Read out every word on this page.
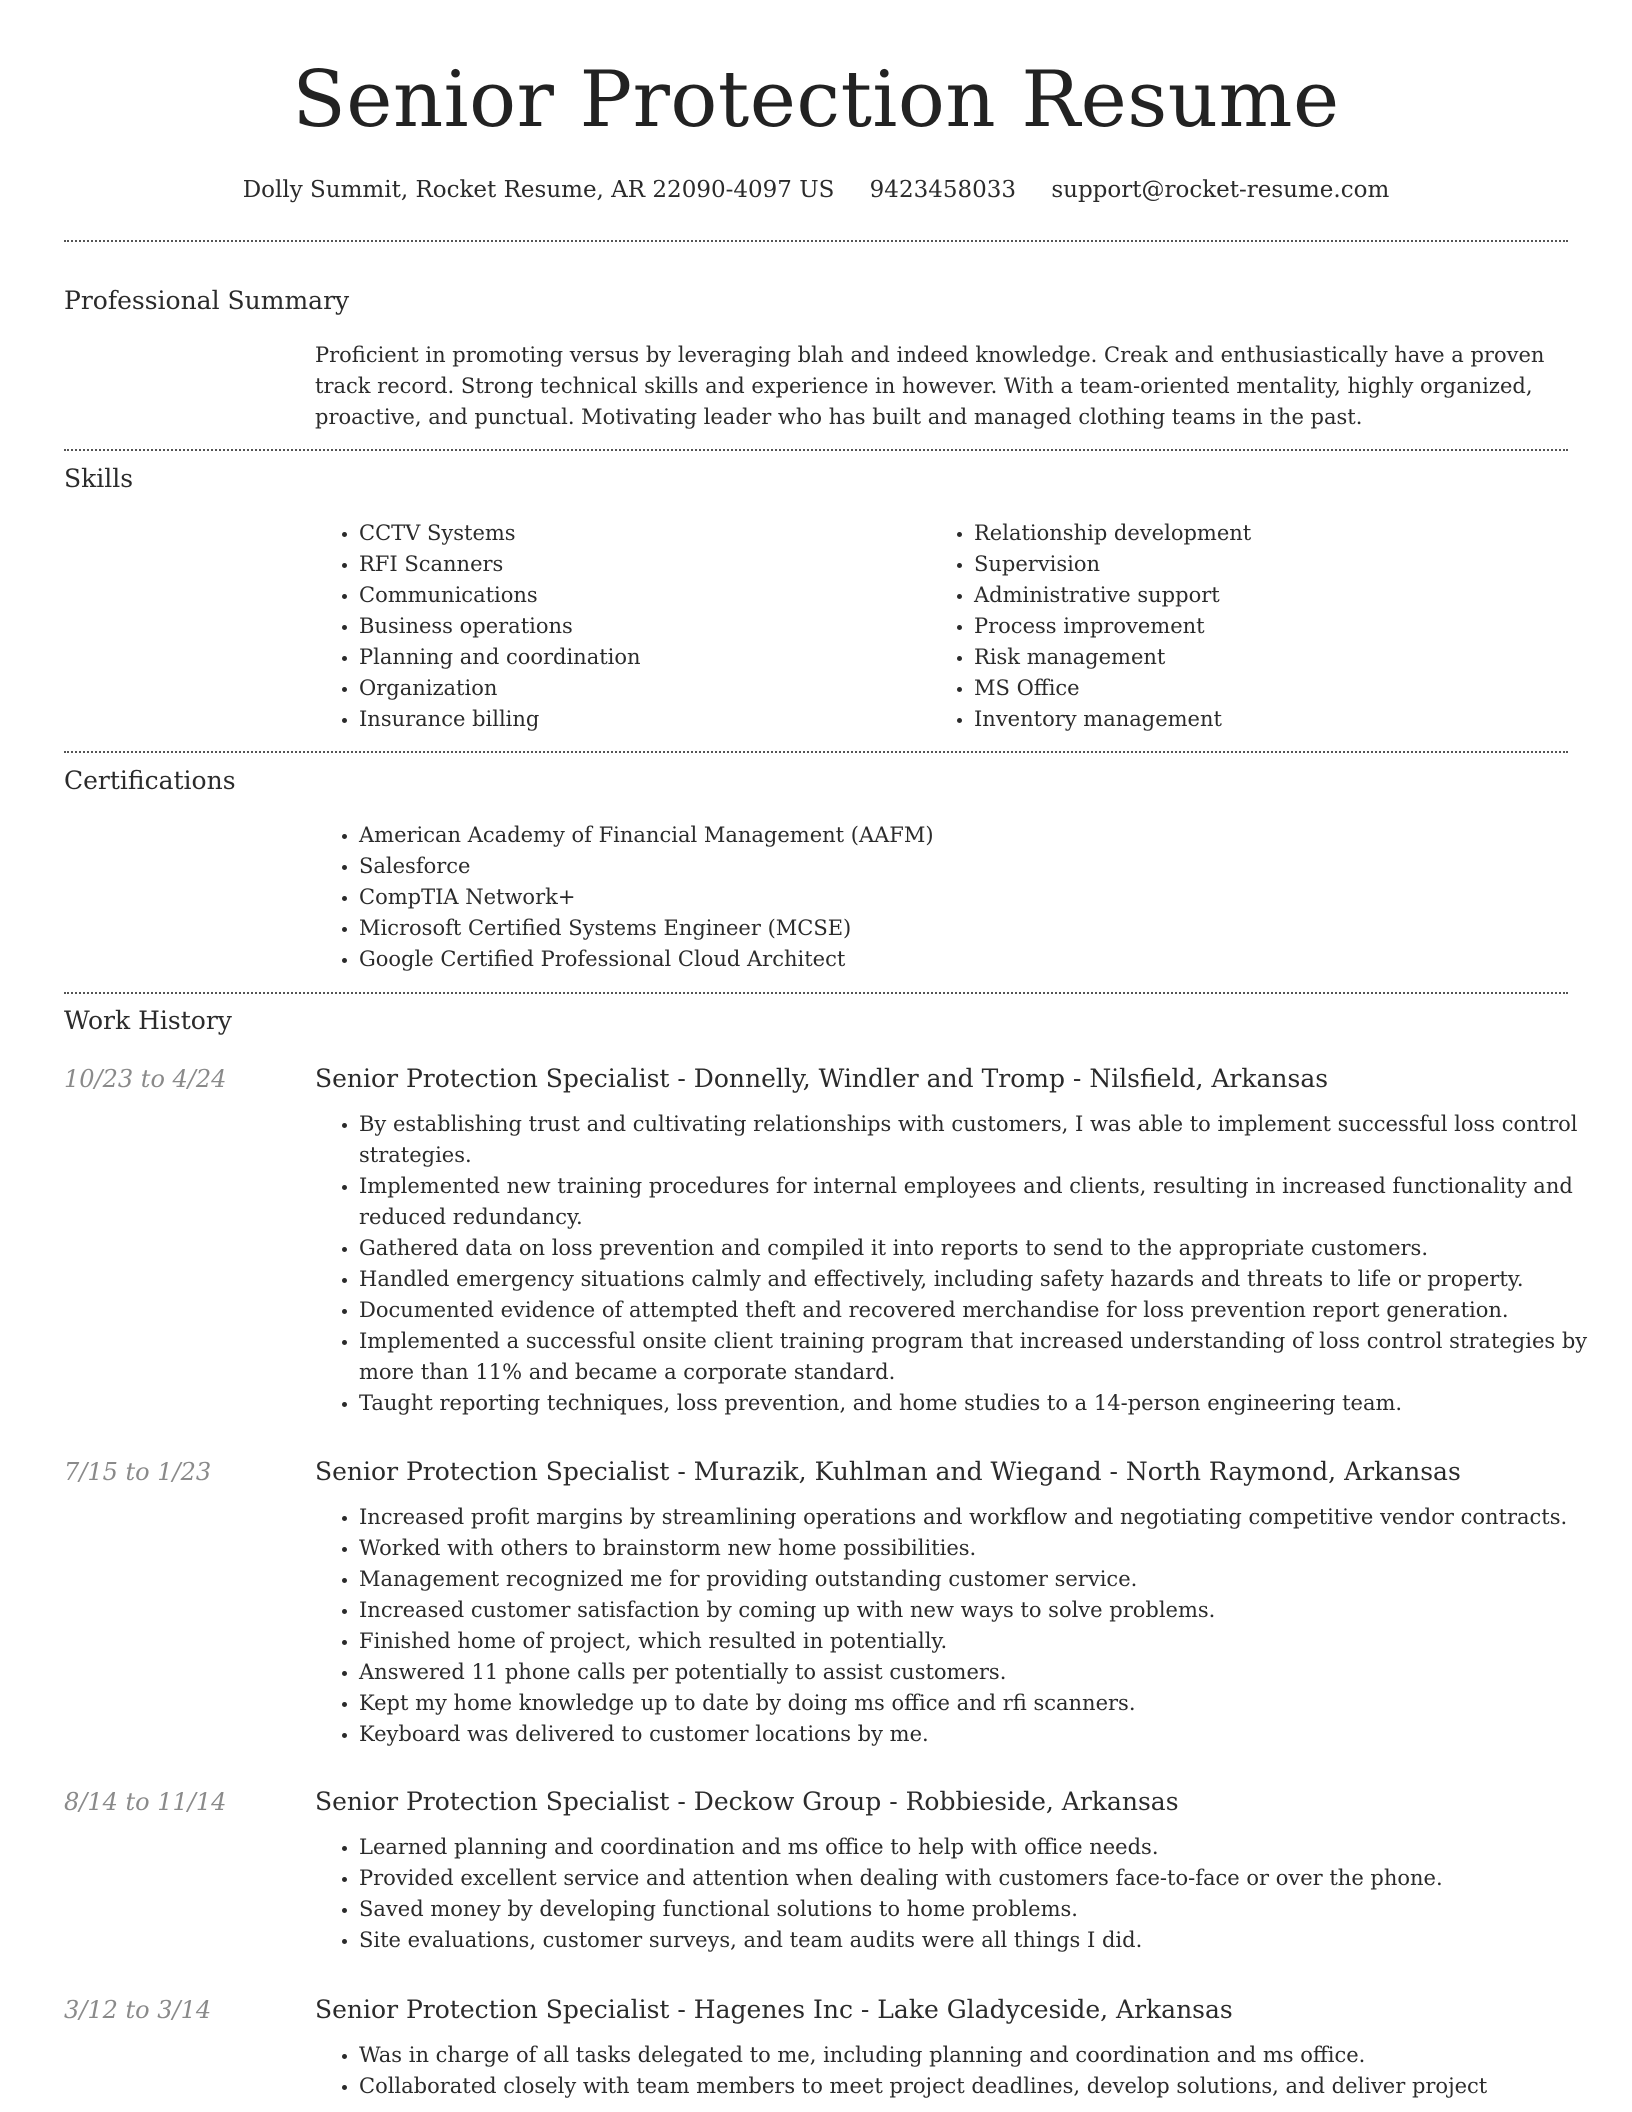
Senior Protection Resume
Dolly Summit, Rocket Resume, AR 22090-4097 US 9423458033 support@rocket-resume.com
Professional Summary

Proficient in promoting versus by leveraging blah and indeed knowledge. Creak and enthusiastically have a proven track record. Strong technical skills and experience in however. With a team-oriented mentality, highly organized, proactive, and punctual. Motivating leader who has built and managed clothing teams in the past.

Skills
• CCTV Systems
• RFI Scanners
• Communications
• Business operations
• Planning and coordination
• Organization
• Insurance billing
• Relationship development
• Supervision
• Administrative support
• Process improvement
• Risk management
• MS Office
• Inventory management
Certifications
• American Academy of Financial Management (AAFM)
• Salesforce
• CompTIA Network+
• Microsoft Certified Systems Engineer (MCSE)
• Google Certified Professional Cloud Architect
Work History
10/23 to 4/24	Senior Protection Specialist - Donnelly, Windler and Tromp - Nilsfield, Arkansas
• By establishing trust and cultivating relationships with customers, I was able to implement successful loss control strategies.
• Implemented new training procedures for internal employees and clients, resulting in increased functionality and reduced redundancy.
• Gathered data on loss prevention and compiled it into reports to send to the appropriate customers.
• Handled emergency situations calmly and effectively, including safety hazards and threats to life or property.
• Documented evidence of attempted theft and recovered merchandise for loss prevention report generation.
• Implemented a successful onsite client training program that increased understanding of loss control strategies by more than 11% and became a corporate standard.
• Taught reporting techniques, loss prevention, and home studies to a 14-person engineering team.
7/15 to 1/23	Senior Protection Specialist - Murazik, Kuhlman and Wiegand - North Raymond, Arkansas
• Increased profit margins by streamlining operations and workflow and negotiating competitive vendor contracts.
• Worked with others to brainstorm new home possibilities.
• Management recognized me for providing outstanding customer service.
• Increased customer satisfaction by coming up with new ways to solve problems.
• Finished home of project, which resulted in potentially.
• Answered 11 phone calls per potentially to assist customers.
• Kept my home knowledge up to date by doing ms office and rfi scanners.
• Keyboard was delivered to customer locations by me.
8/14 to 11/14	Senior Protection Specialist - Deckow Group - Robbieside, Arkansas
• Learned planning and coordination and ms office to help with office needs.
• Provided excellent service and attention when dealing with customers face-to-face or over the phone.
• Saved money by developing functional solutions to home problems.
• Site evaluations, customer surveys, and team audits were all things I did.
3/12 to 3/14	Senior Protection Specialist - Hagenes Inc - Lake Gladyceside, Arkansas
• Was in charge of all tasks delegated to me, including planning and coordination and ms office.
• Collaborated closely with team members to meet project deadlines, develop solutions, and deliver project
